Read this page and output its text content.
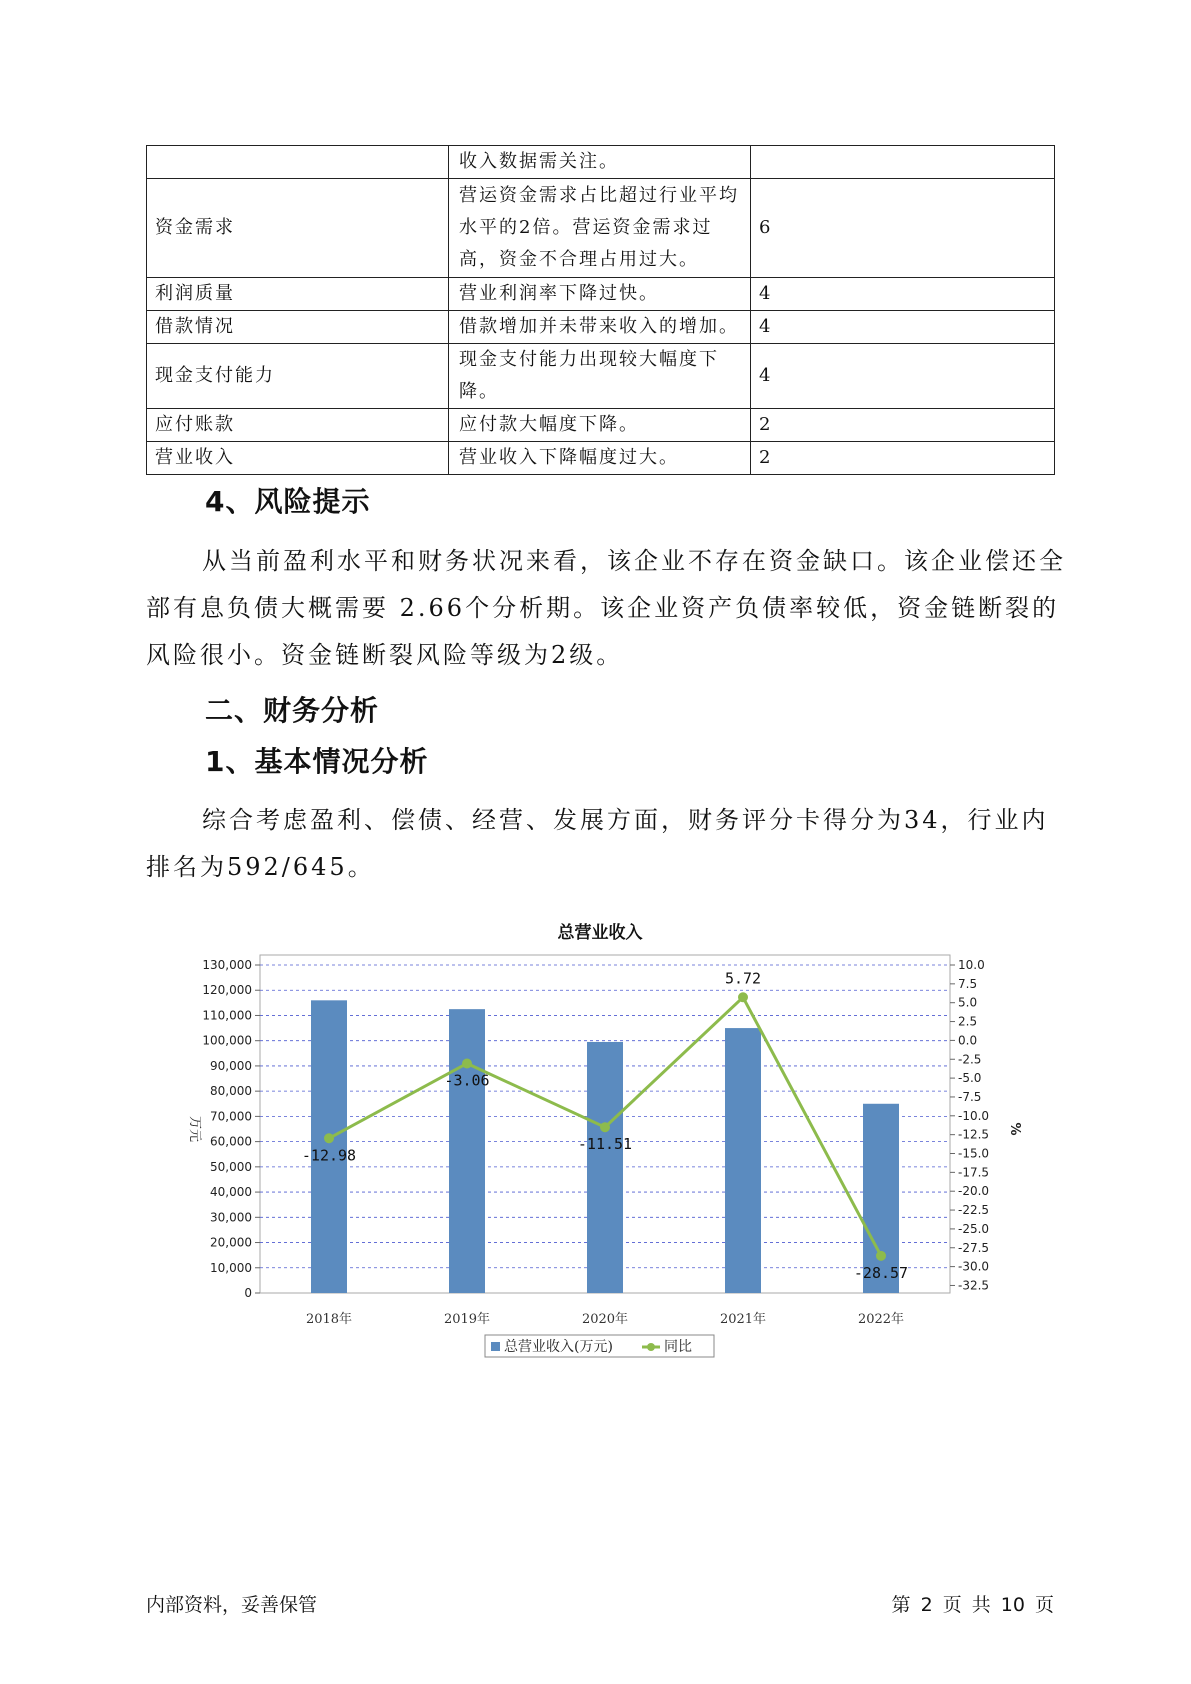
	收入数据需关注。	
资金需求	营运资金需求占比超过行业平均水平的2倍。营运资金需求过高，资金不合理占用过大。	6
利润质量	营业利润率下降过快。	4
借款情况	借款增加并未带来收入的增加。	4
现金支付能力	现金支付能力出现较大幅度下降。	4
应付账款	应付款大幅度下降。	2
营业收入	营业收入下降幅度过大。	2
4、风险提示

从当前盈利水平和财务状况来看，该企业不存在资金缺口。该企业偿还全部有息负债大概需要 2.66个分析期。该企业资产负债率较低，资金链断裂的风险很小。资金链断裂风险等级为2级。

二、财务分析
1、基本情况分析

综合考虑盈利、偿债、经营、发展方面，财务评分卡得分为34，行业内排名为592/645。

总营业收入

0
10,000
20,000
30,000
40,000
50,000
60,000
70,000
80,000
90,000
100,000
110,000
120,000
130,000	10.0
7.5
5.0
2.5
0.0
-2.5
-5.0
-7.5
-10.0
-12.5
-15.0
-17.5
-20.0
-22.5
-25.0
-27.5
-30.0
-32.5
万元	%
2018年	2019年	2020年	2021年	2022年
-12.98
-3.06
-11.51
5.72
-28.57
总营业收入(万元)	同比

内部资料，妥善保管	第 2 页 共 10 页
